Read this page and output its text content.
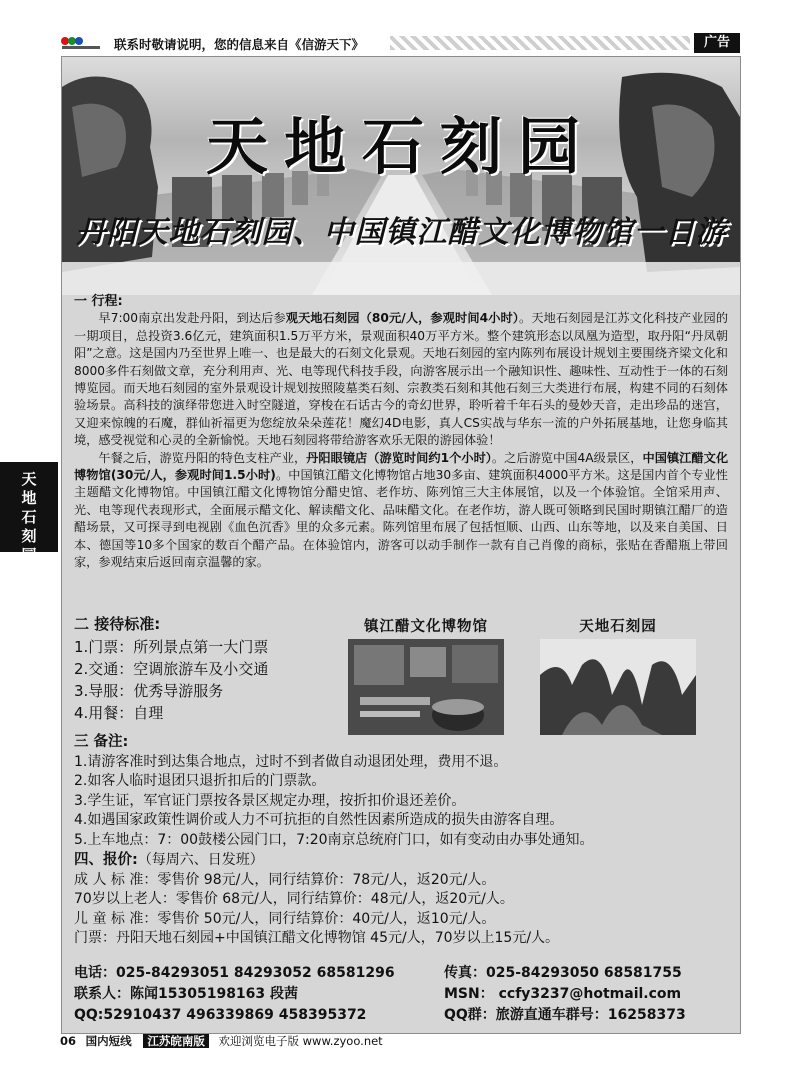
联系时敬请说明，您的信息来自《信游天下》	广告
天
地
石
刻
园
天地石刻园
丹阳天地石刻园、中国镇江醋文化博物馆一日游
一 行程:

早7:00南京出发赴丹阳，到达后参观天地石刻园（80元/人，参观时间4小时）。天地石刻园是江苏文化科技产业园的一期项目，总投资3.6亿元，建筑面积1.5万平方米，景观面积40万平方米。整个建筑形态以凤凰为造型，取丹阳“丹凤朝阳”之意。这是国内乃至世界上唯一、也是最大的石刻文化景观。天地石刻园的室内陈列布展设计规划主要围绕齐梁文化和8000多件石刻做文章，充分利用声、光、电等现代科技手段，向游客展示出一个融知识性、趣味性、互动性于一体的石刻博览园。而天地石刻园的室外景观设计规划按照陵墓类石刻、宗教类石刻和其他石刻三大类进行布展，构建不同的石刻体验场景。高科技的演绎带您进入时空隧道，穿梭在石话古今的奇幻世界，聆听着千年石头的曼妙天音，走出珍品的迷宫，又迎来惊魄的石魔，群仙祈福更为您绽放朵朵莲花！魔幻4D电影，真人CS实战与华东一流的户外拓展基地，让您身临其境，感受视觉和心灵的全新愉悦。天地石刻园将带给游客欢乐无限的游园体验！

午餐之后，游览丹阳的特色支柱产业，丹阳眼镜店（游览时间约1个小时）。之后游览中国4A级景区，中国镇江醋文化博物馆(30元/人，参观时间1.5小时)。中国镇江醋文化博物馆占地30多亩、建筑面积4000平方米。这是国内首个专业性主题醋文化博物馆。中国镇江醋文化博物馆分醋史馆、老作坊、陈列馆三大主体展馆，以及一个体验馆。全馆采用声、光、电等现代表现形式，全面展示醋文化、解读醋文化、品味醋文化。在老作坊，游人既可领略到民国时期镇江醋厂的造醋场景，又可探寻到电视剧《血色沉香》里的众多元素。陈列馆里布展了包括恒顺、山西、山东等地，以及来自美国、日本、德国等10多个国家的数百个醋产品。在体验馆内，游客可以动手制作一款有自己肖像的商标，张贴在香醋瓶上带回家，参观结束后返回南京温馨的家。

二 接待标准:
1.门票：所列景点第一大门票
2.交通：空调旅游车及小交通
3.导服：优秀导游服务
4.用餐：自理
镇江醋文化博物馆	天地石刻园
三 备注:
1.请游客准时到达集合地点，过时不到者做自动退团处理，费用不退。
2.如客人临时退团只退折扣后的门票款。
3.学生证，军官证门票按各景区规定办理，按折扣价退还差价。
4.如遇国家政策性调价或人力不可抗拒的自然性因素所造成的损失由游客自理。
5.上车地点：7：00鼓楼公园门口，7:20南京总统府门口，如有变动由办事处通知。
四、报价:（每周六、日发班）
成 人 标 准：零售价 98元/人，同行结算价：78元/人，返20元/人。
70岁以上老人：零售价 68元/人，同行结算价：48元/人，返20元/人。
儿 童 标 准：零售价 50元/人，同行结算价：40元/人，返10元/人。
门票：丹阳天地石刻园+中国镇江醋文化博物馆 45元/人，70岁以上15元/人。
电话：025-84293051 84293052 68581296	传真：025-84293050 68581755
联系人：陈闻15305198163 段茜	MSN： ccfy3237@hotmail.com
QQ:52910437 496339869 458395372	QQ群：旅游直通车群号：16258373
06 国内短线 江苏皖南版 欢迎浏览电子版 www.zyoo.net
